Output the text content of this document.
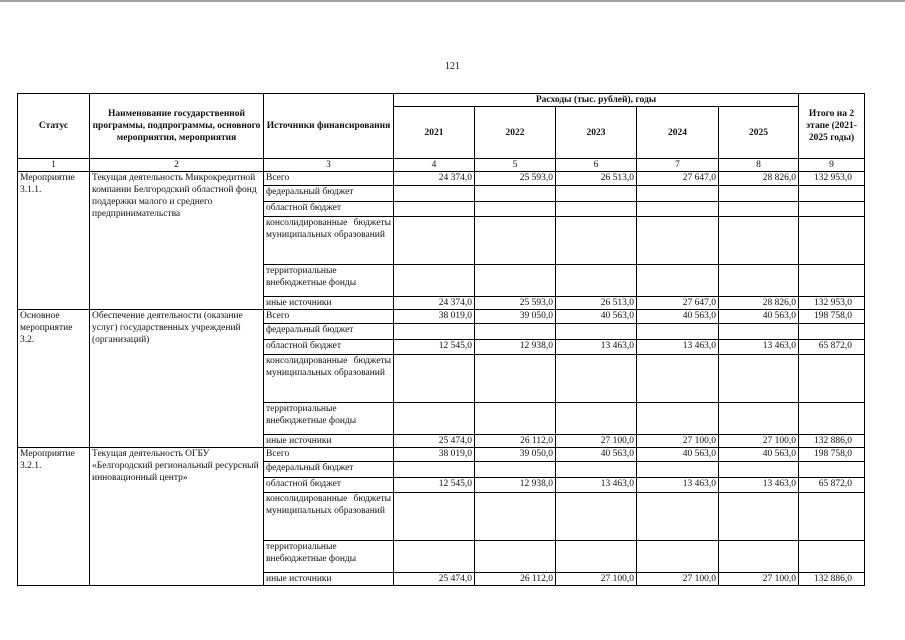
121
Статус	Наименование государственной программы, подпрограммы, основного мероприятия, мероприятия	Источники финансирования	Расходы (тыс. рублей), годы					Итого на 2 этапе (2021-2025 годы)
			2021	2022	2023	2024	2025	
1	2	3	4	5	6	7	8	9
Мероприятие 3.1.1.	Текущая деятельность Микрокредитной компании Белгородский областной фонд поддержки малого и среднего предпринимательства	Всего	24 374,0	25 593,0	26 513,0	27 647,0	28 826,0	132 953,0
		федеральный бюджет						
		областной бюджет						
		консолидированные бюджеты муниципальных образований						
		территориальные внебюджетные фонды						
		иные источники	24 374,0	25 593,0	26 513,0	27 647,0	28 826,0	132 953,0
Основное мероприятие 3.2.	Обеспечение деятельности (оказание услуг) государственных учреждений (организаций)	Всего	38 019,0	39 050,0	40 563,0	40 563,0	40 563,0	198 758,0
		федеральный бюджет						
		областной бюджет	12 545,0	12 938,0	13 463,0	13 463,0	13 463,0	65 872,0
		консолидированные бюджеты муниципальных образований						
		территориальные внебюджетные фонды						
		иные источники	25 474,0	26 112,0	27 100,0	27 100,0	27 100,0	132 886,0
Мероприятие 3.2.1.	Текущая деятельность ОГБУ «Белгородский региональный ресурсный инновационный центр»	Всего	38 019,0	39 050,0	40 563,0	40 563,0	40 563,0	198 758,0
		федеральный бюджет						
		областной бюджет	12 545,0	12 938,0	13 463,0	13 463,0	13 463,0	65 872,0
		консолидированные бюджеты муниципальных образований						
		территориальные внебюджетные фонды						
		иные источники	25 474,0	26 112,0	27 100,0	27 100,0	27 100,0	132 886,0
